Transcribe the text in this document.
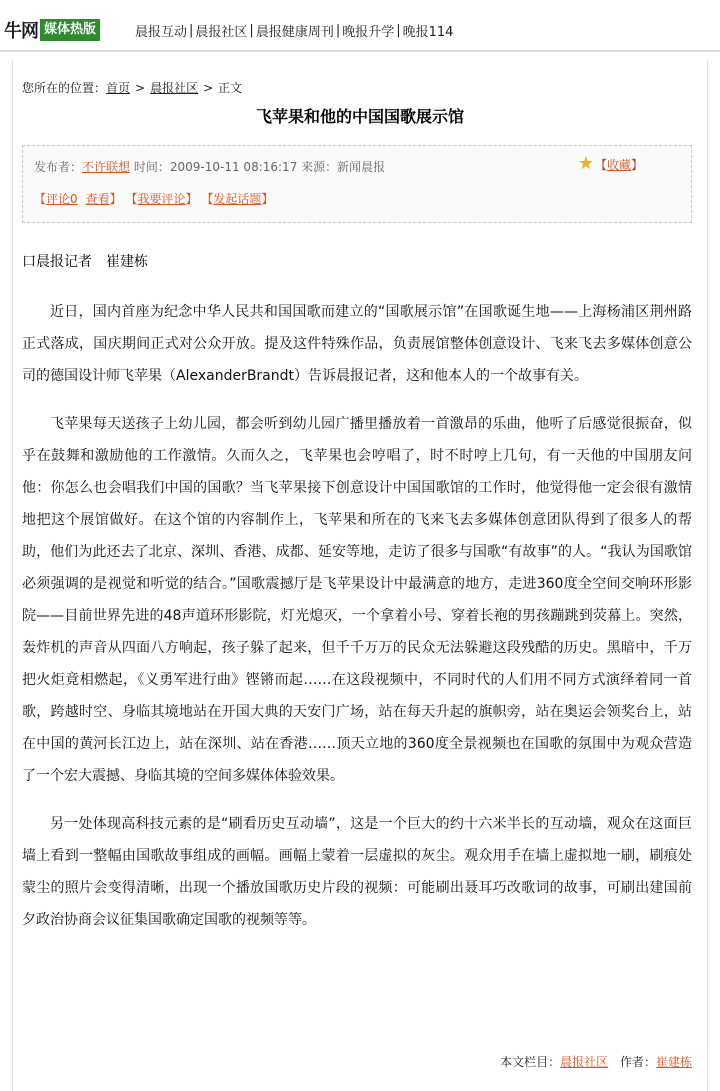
牛网 媒体热版	晨报互动 | 晨报社区 | 晨报健康周刊 | 晚报升学 | 晚报114
您所在的位置：首页 > 晨报社区 > 正文
飞苹果和他的中国国歌展示馆
发布者：不许联想 时间：2009-10-11 08:16:17 来源：新闻晨报	★ 【 收藏 】
【评论0 查看】 【我要评论】 【发起话题】
口晨报记者　崔建栋

近日，国内首座为纪念中华人民共和国国歌而建立的“国歌展示馆”在国歌诞生地——上海杨浦区荆州路正式落成，国庆期间正式对公众开放。提及这件特殊作品，负责展馆整体创意设计、飞来飞去多媒体创意公司的德国设计师飞苹果（AlexanderBrandt）告诉晨报记者，这和他本人的一个故事有关。

飞苹果每天送孩子上幼儿园，都会听到幼儿园广播里播放着一首激昂的乐曲，他听了后感觉很振奋，似乎在鼓舞和激励他的工作激情。久而久之，飞苹果也会哼唱了，时不时哼上几句，有一天他的中国朋友问他：你怎么也会唱我们中国的国歌？当飞苹果接下创意设计中国国歌馆的工作时，他觉得他一定会很有激情地把这个展馆做好。在这个馆的内容制作上，飞苹果和所在的飞来飞去多媒体创意团队得到了很多人的帮助，他们为此还去了北京、深圳、香港、成都、延安等地，走访了很多与国歌“有故事”的人。“我认为国歌馆必须强调的是视觉和听觉的结合。”国歌震撼厅是飞苹果设计中最满意的地方，走进360度全空间交响环形影院——目前世界先进的48声道环形影院，灯光熄灭，一个拿着小号、穿着长袍的男孩蹦跳到荧幕上。突然，轰炸机的声音从四面八方响起，孩子躲了起来，但千千万万的民众无法躲避这段残酷的历史。黑暗中，千万把火炬竟相燃起，《义勇军进行曲》铿锵而起……在这段视频中，不同时代的人们用不同方式演绎着同一首歌，跨越时空、身临其境地站在开国大典的天安门广场，站在每天升起的旗帜旁，站在奥运会领奖台上，站在中国的黄河长江边上，站在深圳、站在香港……顶天立地的360度全景视频也在国歌的氛围中为观众营造了一个宏大震撼、身临其境的空间多媒体体验效果。

另一处体现高科技元素的是“刷看历史互动墙”，这是一个巨大的约十六米半长的互动墙，观众在这面巨墙上看到一整幅由国歌故事组成的画幅。画幅上蒙着一层虚拟的灰尘。观众用手在墙上虚拟地一刷，刷痕处蒙尘的照片会变得清晰，出现一个播放国歌历史片段的视频：可能刷出聂耳巧改歌词的故事，可刷出建国前夕政治协商会议征集国歌确定国歌的视频等等。

本文栏目：晨报社区 作者：崔建栋
